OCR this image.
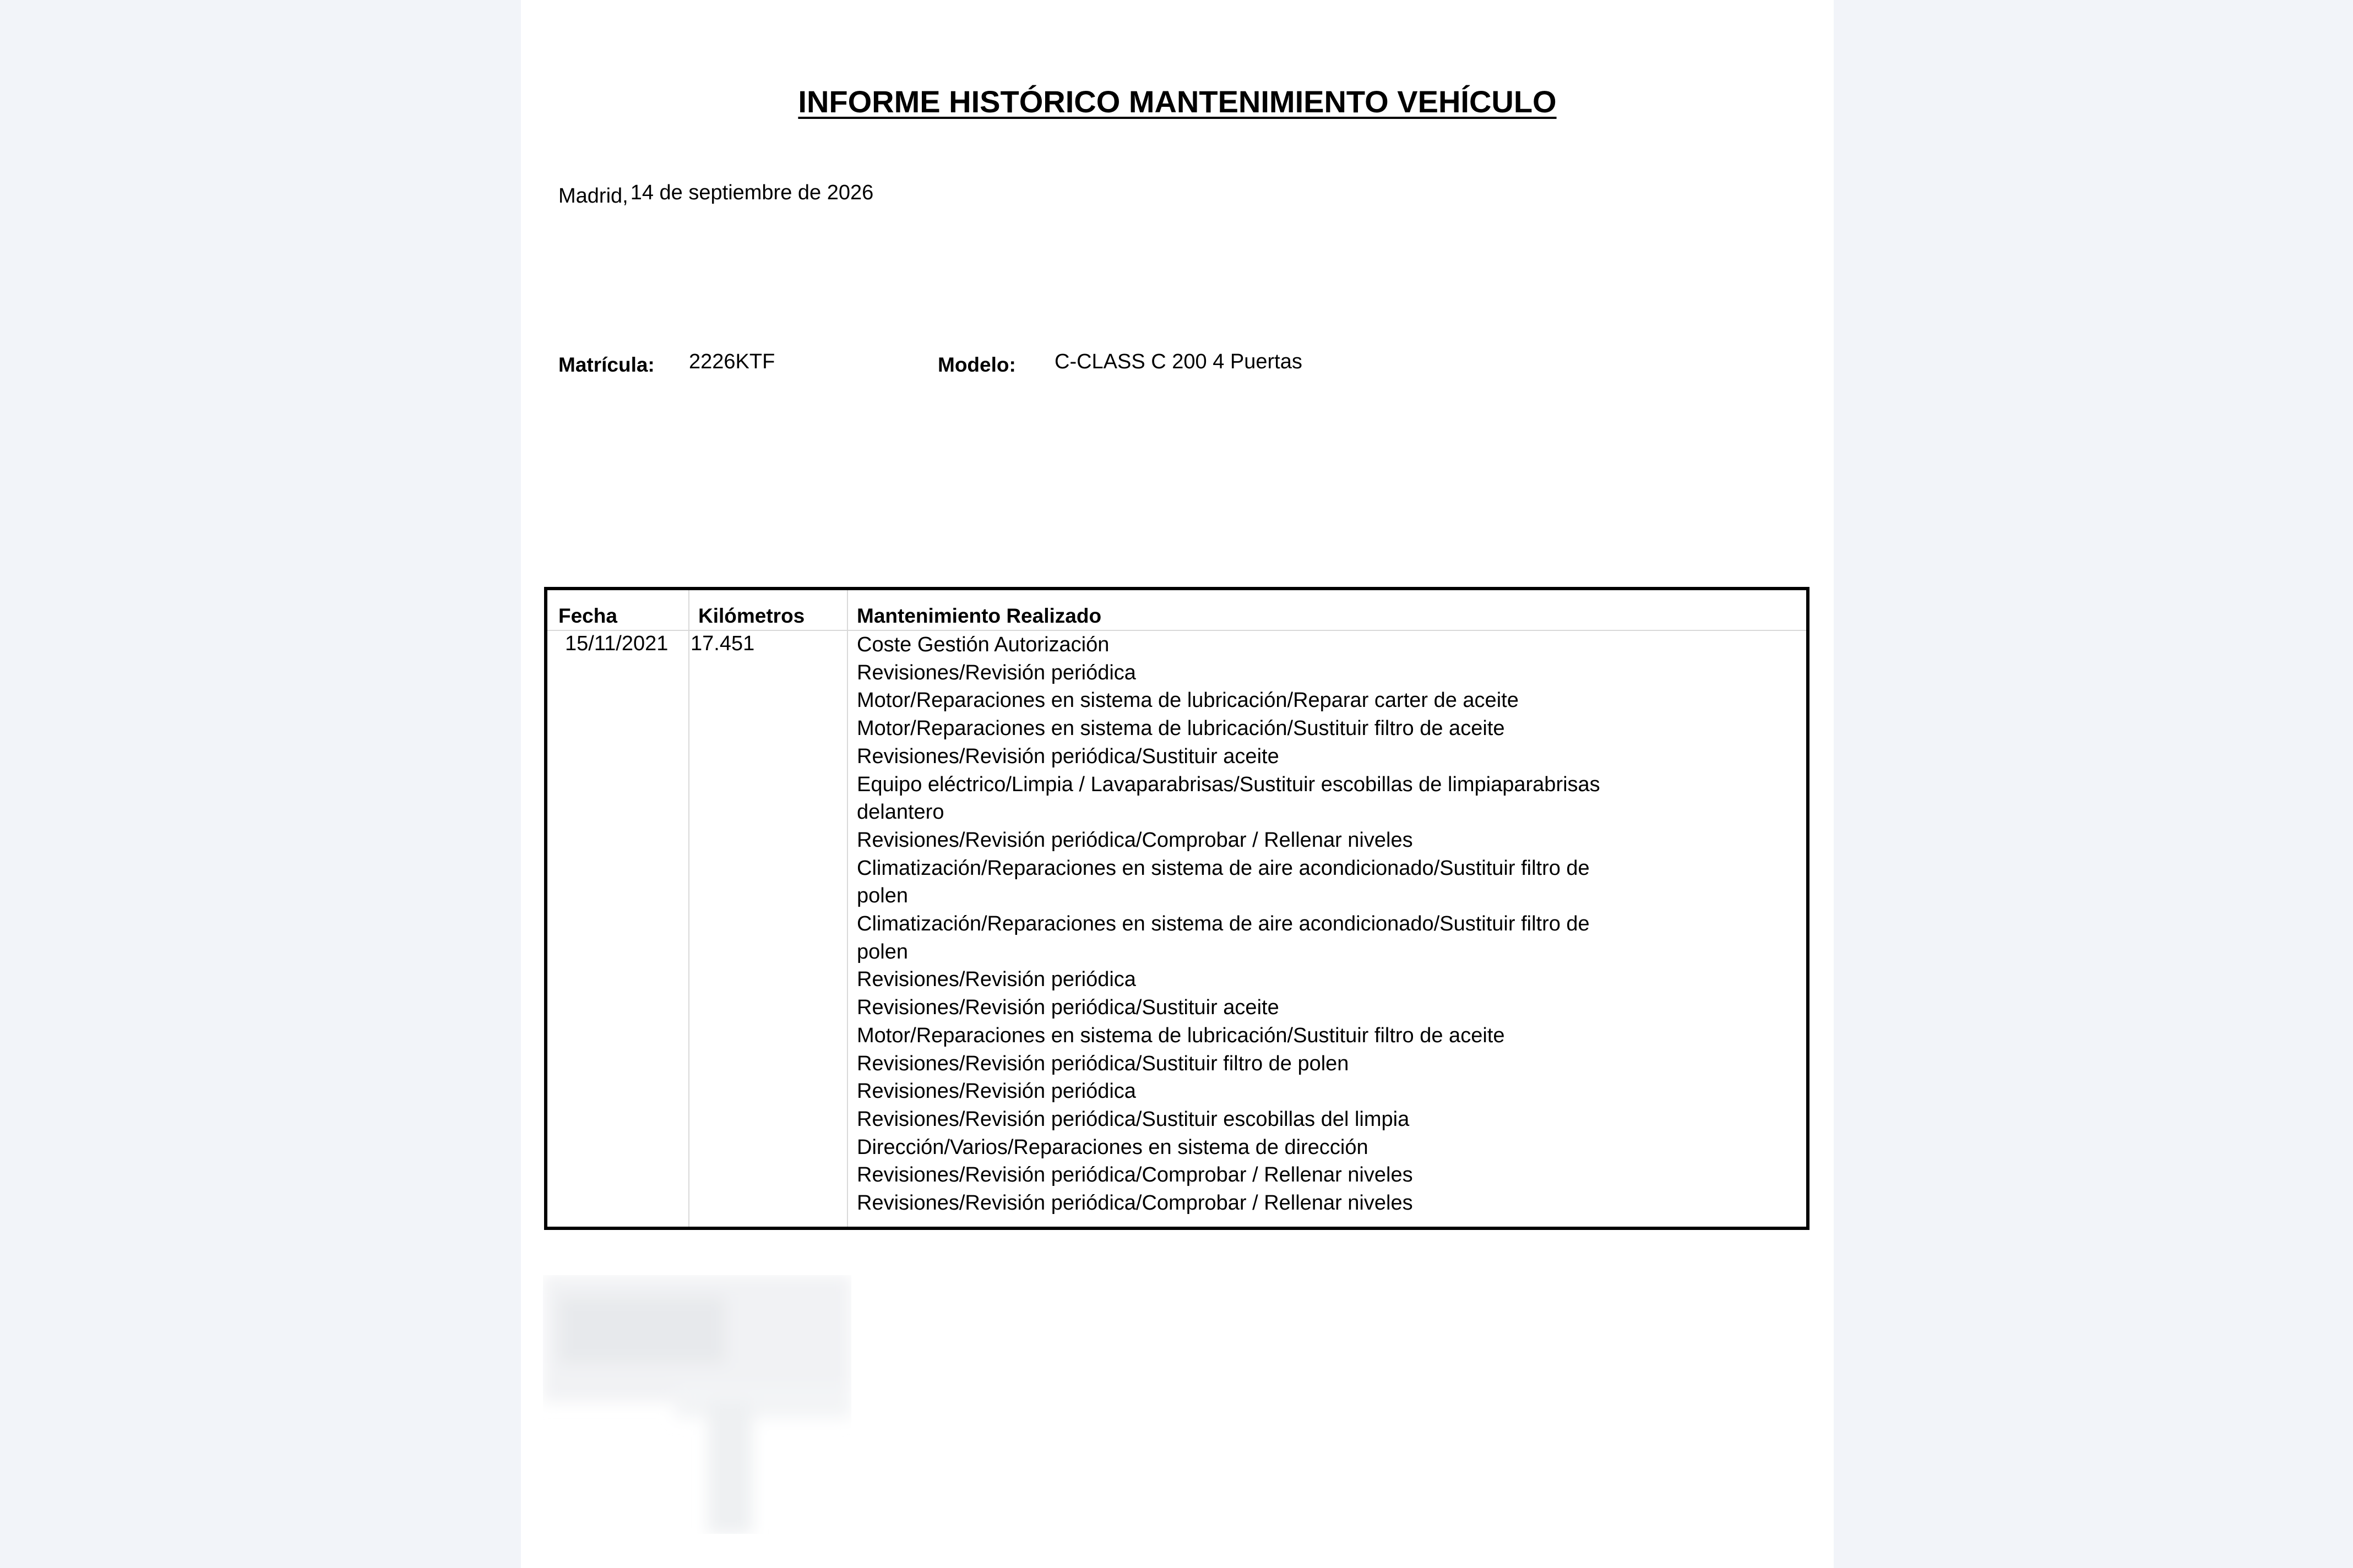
INFORME HISTÓRICO MANTENIMIENTO VEHÍCULO
Madrid, 14 de septiembre de 2026
Matrícula: 2226KTF	Modelo: C-CLASS C 200 4 Puertas
Fecha	Kilómetros	Mantenimiento Realizado
15/11/2021 17.451	Coste Gestión Autorización
Revisiones/Revisión periódica
Motor/Reparaciones en sistema de lubricación/Reparar carter de aceite
Motor/Reparaciones en sistema de lubricación/Sustituir filtro de aceite
Revisiones/Revisión periódica/Sustituir aceite
Equipo eléctrico/Limpia / Lavaparabrisas/Sustituir escobillas de limpiaparabrisas
delantero
Revisiones/Revisión periódica/Comprobar / Rellenar niveles
Climatización/Reparaciones en sistema de aire acondicionado/Sustituir filtro de
polen
Climatización/Reparaciones en sistema de aire acondicionado/Sustituir filtro de
polen
Revisiones/Revisión periódica
Revisiones/Revisión periódica/Sustituir aceite
Motor/Reparaciones en sistema de lubricación/Sustituir filtro de aceite
Revisiones/Revisión periódica/Sustituir filtro de polen
Revisiones/Revisión periódica
Revisiones/Revisión periódica/Sustituir escobillas del limpia
Dirección/Varios/Reparaciones en sistema de dirección
Revisiones/Revisión periódica/Comprobar / Rellenar niveles
Revisiones/Revisión periódica/Comprobar / Rellenar niveles
